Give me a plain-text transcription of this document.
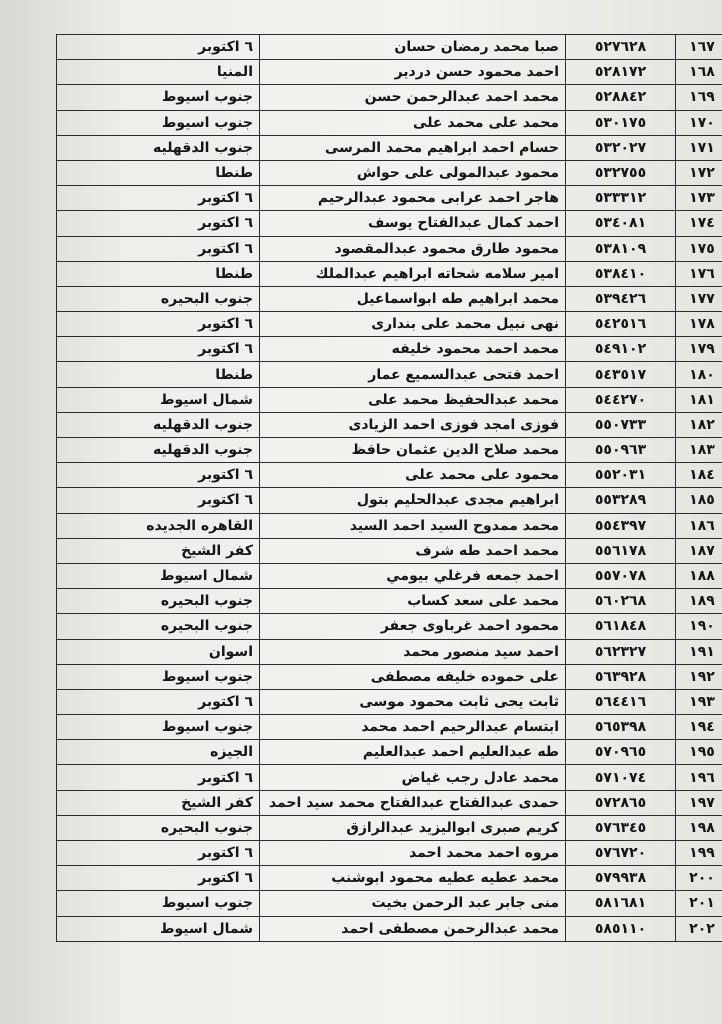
١٦٧	٥٢٧٦٢٨	صبا محمد رمضان حسان	٦ اكتوبر
١٦٨	٥٢٨١٧٢	احمد محمود حسن دردير	المنيا
١٦٩	٥٢٨٨٤٢	محمد احمد عبدالرحمن حسن	جنوب اسيوط
١٧٠	٥٣٠١٧٥	محمد على محمد على	جنوب اسيوط
١٧١	٥٣٢٠٢٧	حسام احمد ابراهيم محمد المرسى	جنوب الدقهليه
١٧٢	٥٣٢٧٥٥	محمود عبدالمولى على حواش	طنطا
١٧٣	٥٣٣٣١٢	هاجر احمد عرابى محمود عبدالرحيم	٦ اكتوبر
١٧٤	٥٣٤٠٨١	احمد كمال عبدالفتاح يوسف	٦ اكتوبر
١٧٥	٥٣٨١٠٩	محمود طارق محمود عبدالمقصود	٦ اكتوبر
١٧٦	٥٣٨٤١٠	امير سلامه شحاته ابراهيم عبدالملك	طنطا
١٧٧	٥٣٩٤٢٦	محمد ابراهيم طه ابواسماعيل	جنوب البحيره
١٧٨	٥٤٢٥١٦	نهى نبيل محمد على بندارى	٦ اكتوبر
١٧٩	٥٤٩١٠٢	محمد احمد محمود خليفه	٦ اكتوبر
١٨٠	٥٤٣٥١٧	احمد فتحى عبدالسميع عمار	طنطا
١٨١	٥٤٤٢٧٠	محمد عبدالحفيظ محمد على	شمال اسيوط
١٨٢	٥٥٠٧٣٣	فوزى امجد فوزى احمد الزيادى	جنوب الدقهليه
١٨٣	٥٥٠٩٦٣	محمد صلاح الدين عثمان حافظ	جنوب الدقهليه
١٨٤	٥٥٢٠٣١	محمود على محمد على	٦ اكتوبر
١٨٥	٥٥٣٢٨٩	ابراهيم مجدى عبدالحليم بتول	٦ اكتوبر
١٨٦	٥٥٤٣٩٧	محمد ممدوح السيد احمد السيد	القاهره الجديده
١٨٧	٥٥٦١٧٨	محمد احمد طه شرف	كفر الشيخ
١٨٨	٥٥٧٠٧٨	احمد جمعه فرغلي بيومي	شمال اسيوط
١٨٩	٥٦٠٢٦٨	محمد على سعد كساب	جنوب البحيره
١٩٠	٥٦١٨٤٨	محمود احمد غرباوى جعفر	جنوب البحيره
١٩١	٥٦٢٣٢٧	احمد سيد منصور محمد	اسوان
١٩٢	٥٦٣٩٢٨	على حموده خليفه مصطفى	جنوب اسيوط
١٩٣	٥٦٤٤١٦	ثابت يحى ثابت محمود موسى	٦ اكتوبر
١٩٤	٥٦٥٣٩٨	ابتسام عبدالرحيم احمد محمد	جنوب اسيوط
١٩٥	٥٧٠٩٦٥	طه عبدالعليم احمد عبدالعليم	الجيزه
١٩٦	٥٧١٠٧٤	محمد عادل رجب غياض	٦ اكتوبر
١٩٧	٥٧٢٨٦٥	حمدى عبدالفتاح عبدالفتاح محمد سيد احمد	كفر الشيخ
١٩٨	٥٧٦٣٤٥	كريم صبرى ابواليزيد عبدالرازق	جنوب البحيره
١٩٩	٥٧٦٧٢٠	مروه احمد محمد احمد	٦ اكتوبر
٢٠٠	٥٧٩٩٣٨	محمد عطيه عطيه محمود ابوشنب	٦ اكتوبر
٢٠١	٥٨١٦٨١	منى جابر عبد الرحمن بخيت	جنوب اسيوط
٢٠٢	٥٨٥١١٠	محمد عبدالرحمن مصطفى احمد	شمال اسيوط
